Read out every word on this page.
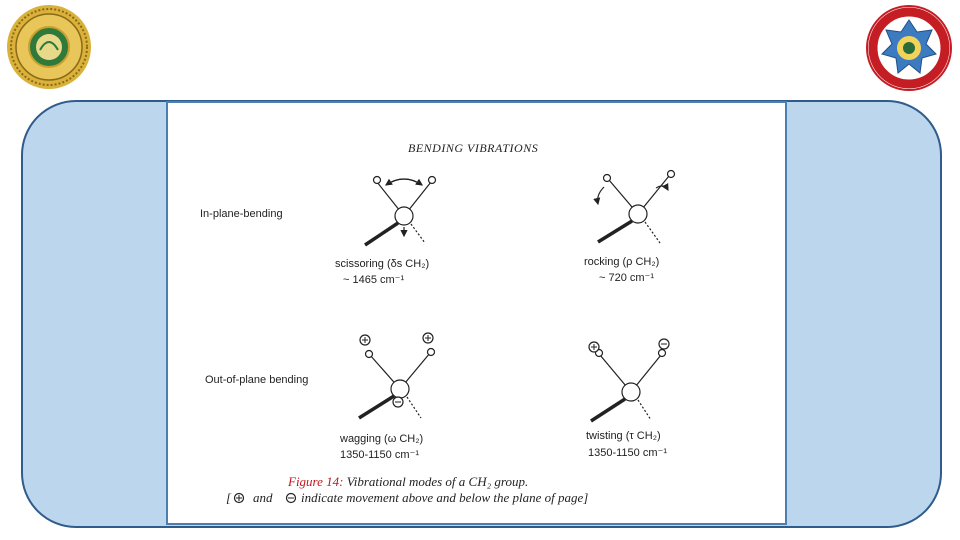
BENDING VIBRATIONS
In-plane-bending
Out-of-plane bending
scissoring (δs CH₂)
~ 1465 cm⁻¹
rocking (ρ CH₂)
~ 720 cm⁻¹
wagging (ω CH₂)
1350-1150 cm⁻¹
twisting (τ CH₂)
1350-1150 cm⁻¹
Figure 14: Vibrational modes of a CH₂ group.
[ and indicate movement above and below the plane of page]
